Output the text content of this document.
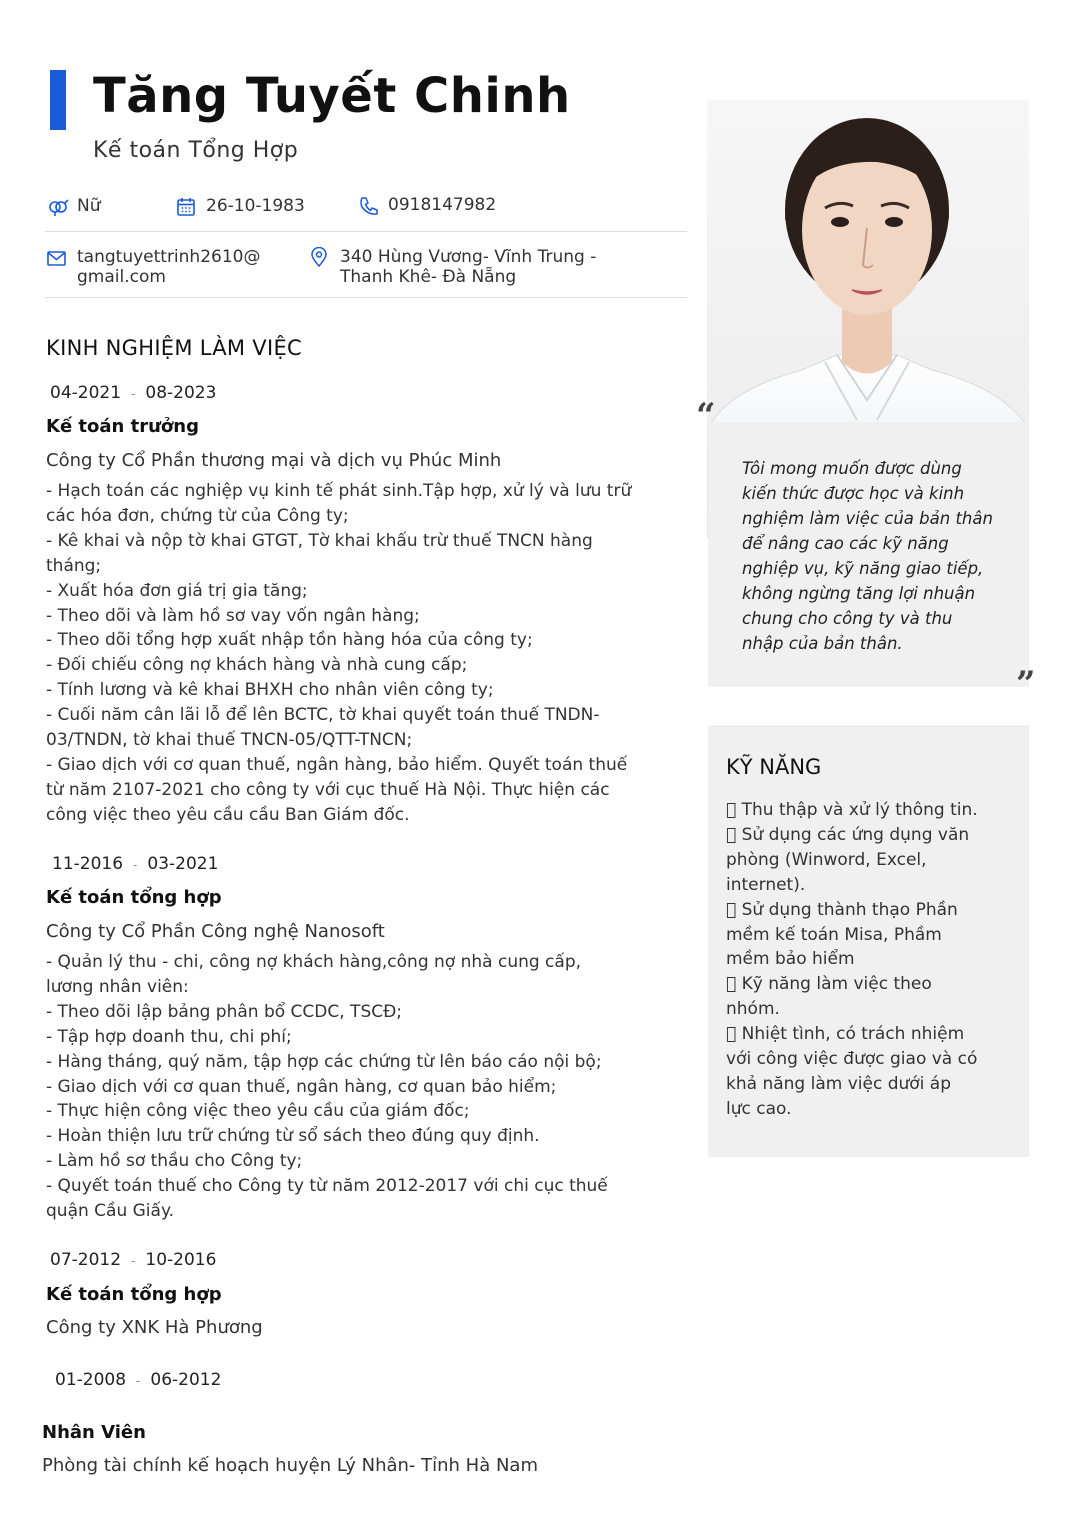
Tăng Tuyết Chinh
Kế toán Tổng Hợp
Nữ	26-10-1983	0918147982
tangtuyettrinh2610@
gmail.com
340 Hùng Vương- Vĩnh Trung -
Thanh Khê- Đà Nẵng
KINH NGHIỆM LÀM VIỆC
04-2021 - 08-2023
Kế toán trưởng
Công ty Cổ Phần thương mại và dịch vụ Phúc Minh
- Hạch toán các nghiệp vụ kinh tế phát sinh.Tập hợp, xử lý và lưu trữ
các hóa đơn, chứng từ của Công ty;
- Kê khai và nộp tờ khai GTGT, Tờ khai khấu trừ thuế TNCN hàng
tháng;
- Xuất hóa đơn giá trị gia tăng;
- Theo dõi và làm hồ sơ vay vốn ngân hàng;
- Theo dõi tổng hợp xuất nhập tồn hàng hóa của công ty;
- Đối chiếu công nợ khách hàng và nhà cung cấp;
- Tính lương và kê khai BHXH cho nhân viên công ty;
- Cuối năm cân lãi lỗ để lên BCTC, tờ khai quyết toán thuế TNDN-
03/TNDN, tờ khai thuế TNCN-05/QTT-TNCN;
- Giao dịch với cơ quan thuế, ngân hàng, bảo hiểm. Quyết toán thuế
từ năm 2107-2021 cho công ty với cục thuế Hà Nội. Thực hiện các
công việc theo yêu cầu cầu Ban Giám đốc.
11-2016 - 03-2021
Kế toán tổng hợp
Công ty Cổ Phần Công nghệ Nanosoft
- Quản lý thu - chi, công nợ khách hàng,công nợ nhà cung cấp,
lương nhân viên:
- Theo dõi lập bảng phân bổ CCDC, TSCĐ;
- Tập hợp doanh thu, chi phí;
- Hàng tháng, quý năm, tập hợp các chứng từ lên báo cáo nội bộ;
- Giao dịch với cơ quan thuế, ngân hàng, cơ quan bảo hiểm;
- Thực hiện công việc theo yêu cầu của giám đốc;
- Hoàn thiện lưu trữ chứng từ sổ sách theo đúng quy định.
- Làm hồ sơ thầu cho Công ty;
- Quyết toán thuế cho Công ty từ năm 2012-2017 với chi cục thuế
quận Cầu Giấy.
07-2012 - 10-2016
Kế toán tổng hợp
Công ty XNK Hà Phương
01-2008 - 06-2012
Nhân Viên
Phòng tài chính kế hoạch huyện Lý Nhân- Tỉnh Hà Nam
Tôi mong muốn được dùng
kiến thức được học và kinh
nghiệm làm việc của bản thân
để nâng cao các kỹ năng
nghiệp vụ, kỹ năng giao tiếp,
không ngừng tăng lợi nhuận
chung cho công ty và thu
nhập của bản thân.
“
”
KỸ NĂNG
Thu thập và xử lý thông tin.
Sử dụng các ứng dụng văn
phòng (Winword, Excel,
internet).
Sử dụng thành thạo Phần
mềm kế toán Misa, Phầm
mềm bảo hiểm
Kỹ năng làm việc theo
nhóm.
Nhiệt tình, có trách nhiệm
với công việc được giao và có
khả năng làm việc dưới áp
lực cao.
